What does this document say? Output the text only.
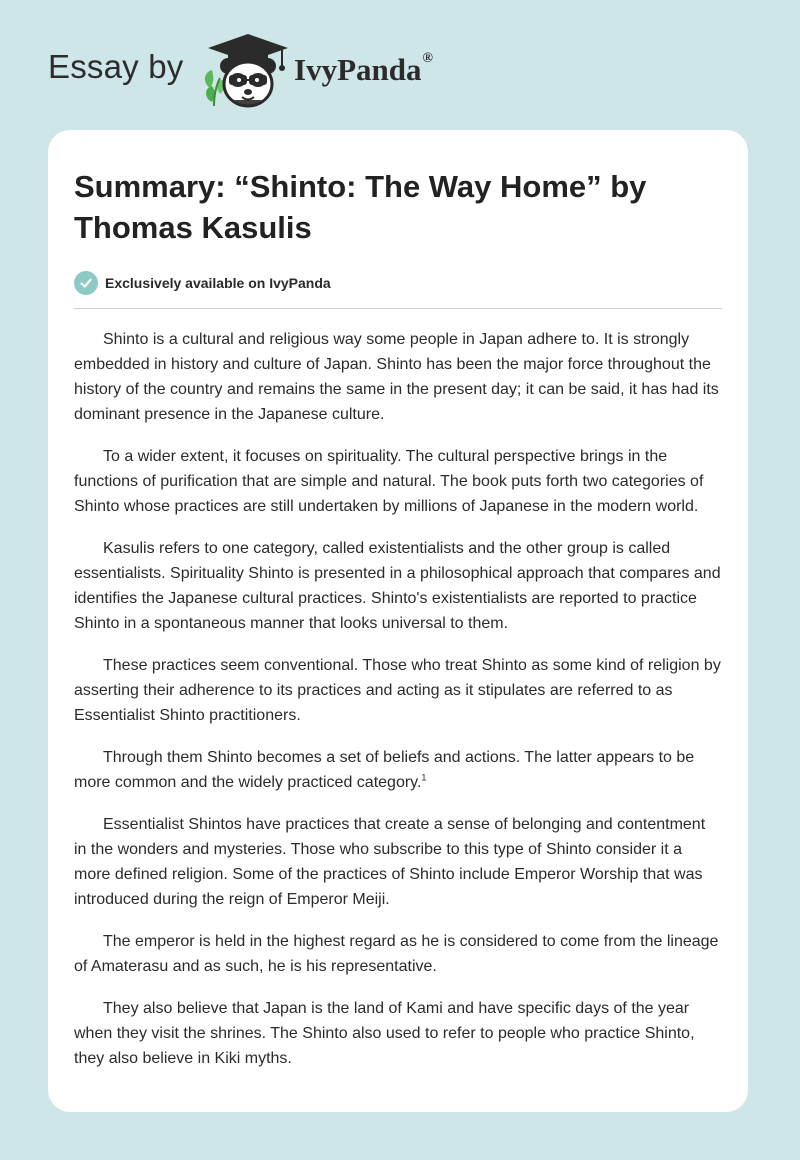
Essay by	IvyPanda®
Summary: “Shinto: The Way Home” by Thomas Kasulis
Exclusively available on IvyPanda

Shinto is a cultural and religious way some people in Japan adhere to. It is strongly embedded in history and culture of Japan. Shinto has been the major force throughout the history of the country and remains the same in the present day; it can be said, it has had its dominant presence in the Japanese culture.

To a wider extent, it focuses on spirituality. The cultural perspective brings in the functions of purification that are simple and natural. The book puts forth two categories of Shinto whose practices are still undertaken by millions of Japanese in the modern world.

Kasulis refers to one category, called existentialists and the other group is called essentialists. Spirituality Shinto is presented in a philosophical approach that compares and identifies the Japanese cultural practices. Shinto's existentialists are reported to practice Shinto in a spontaneous manner that looks universal to them.

These practices seem conventional. Those who treat Shinto as some kind of religion by asserting their adherence to its practices and acting as it stipulates are referred to as Essentialist Shinto practitioners.

Through them Shinto becomes a set of beliefs and actions. The latter appears to be more common and the widely practiced category.$^1$

Essentialist Shintos have practices that create a sense of belonging and contentment in the wonders and mysteries. Those who subscribe to this type of Shinto consider it a more defined religion. Some of the practices of Shinto include Emperor Worship that was introduced during the reign of Emperor Meiji.

The emperor is held in the highest regard as he is considered to come from the lineage of Amaterasu and as such, he is his representative.

They also believe that Japan is the land of Kami and have specific days of the year when they visit the shrines. The Shinto also used to refer to people who practice Shinto, they also believe in Kiki myths.
